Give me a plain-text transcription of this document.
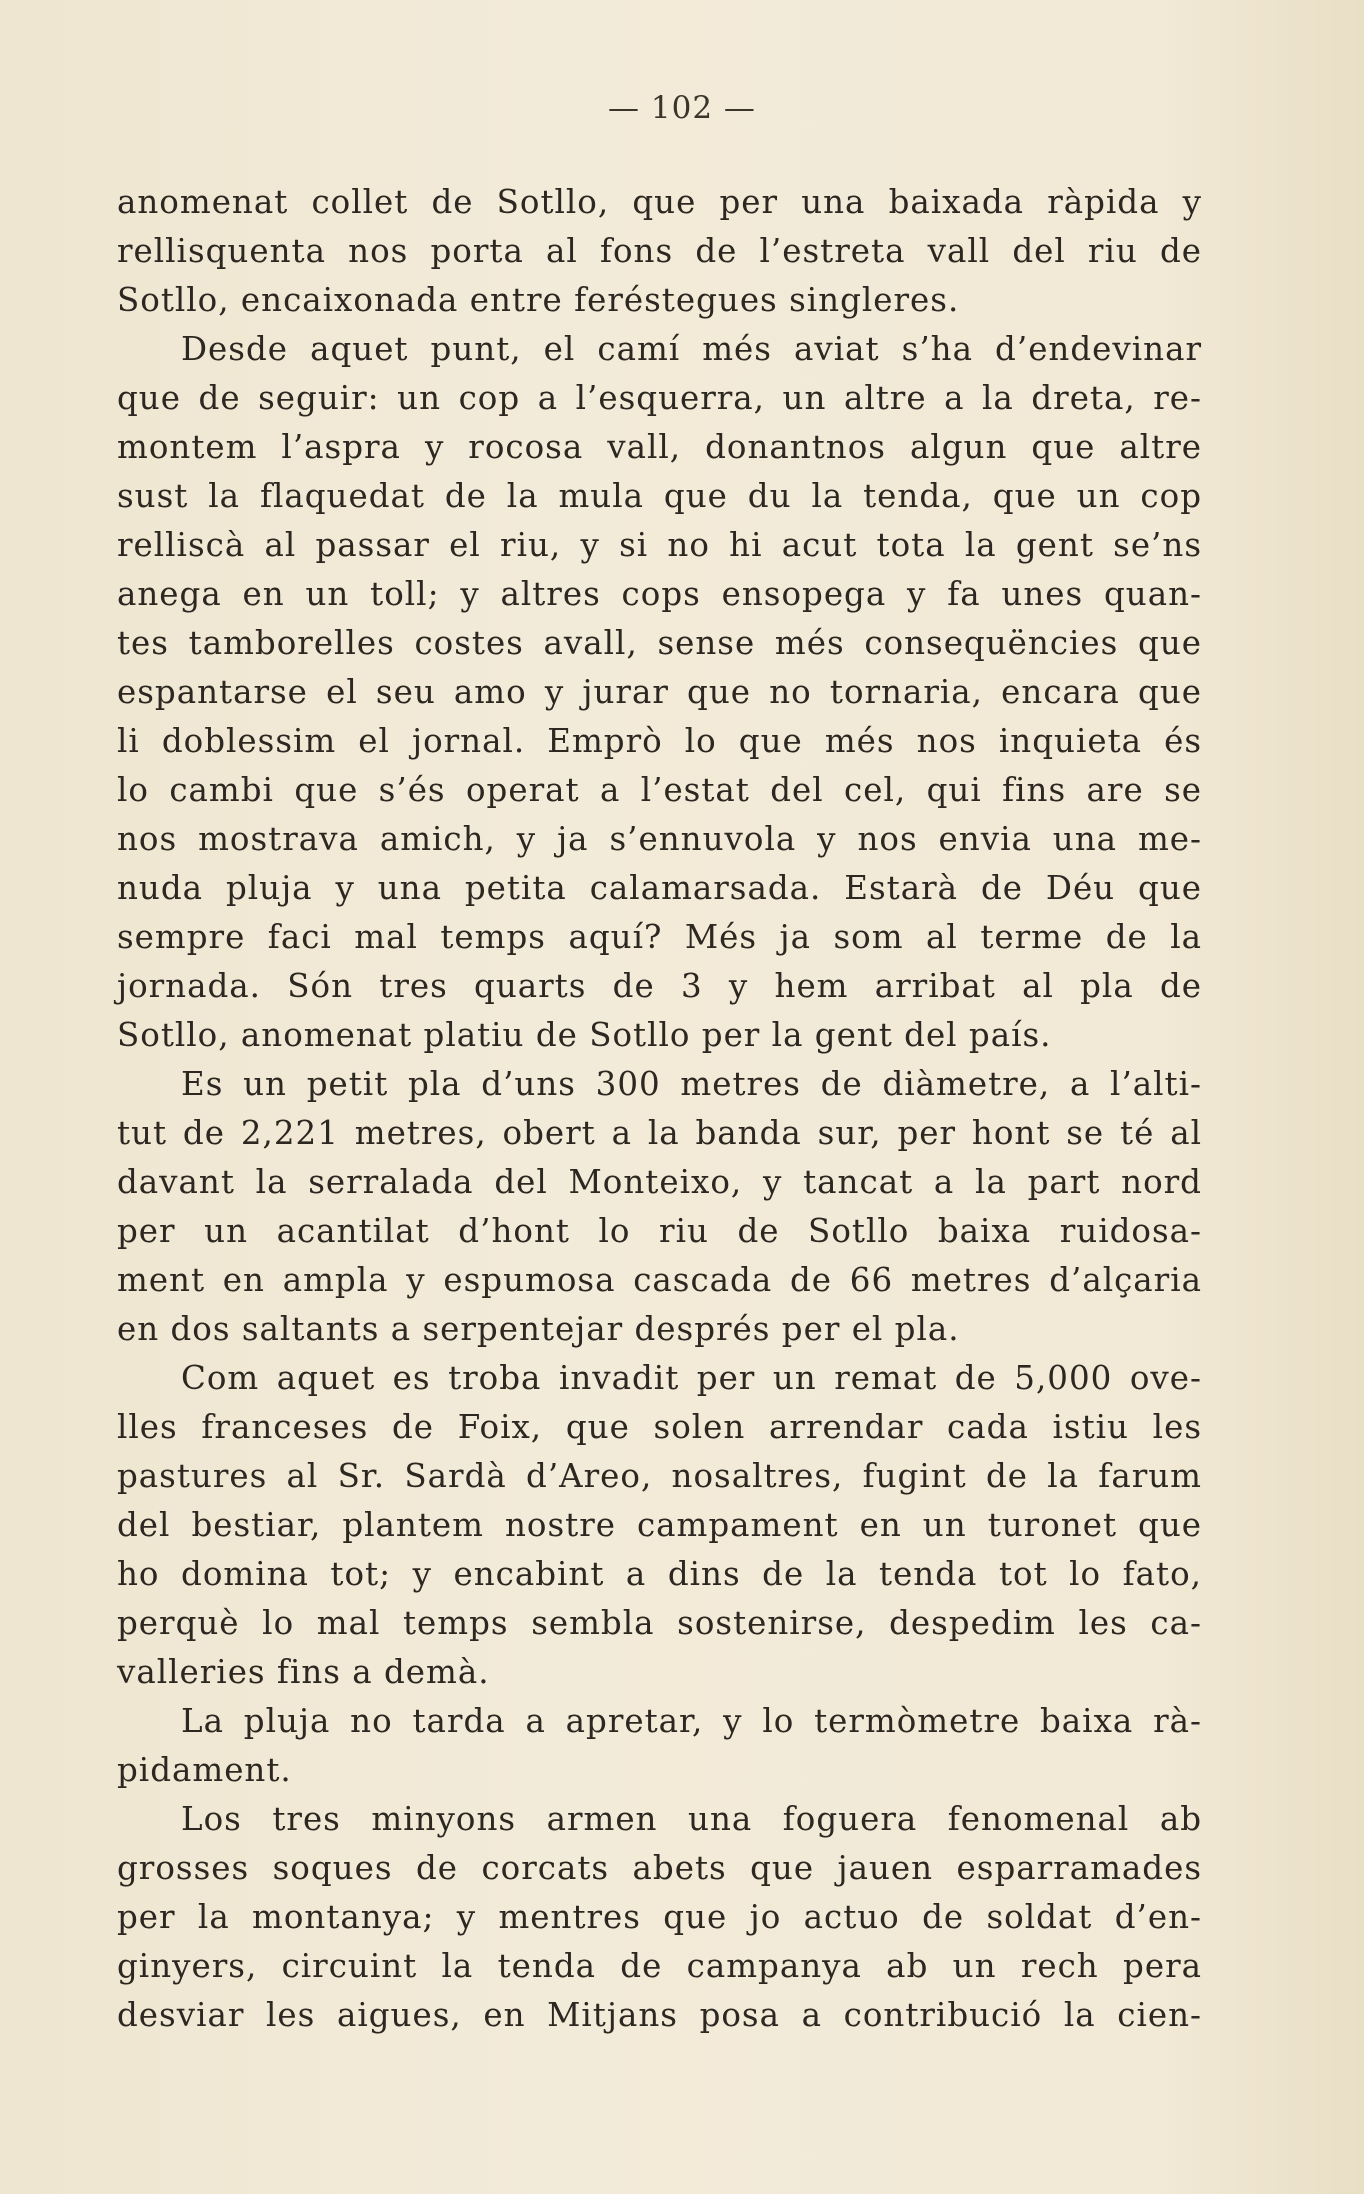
— 102 —
anomenat collet de Sotllo, que per una baixada ràpida y
rellisquenta nos porta al fons de l’estreta vall del riu de
Sotllo, encaixonada entre feréstegues singleres.
Desde aquet punt, el camí més aviat s’ha d’endevinar
que de seguir: un cop a l’esquerra, un altre a la dreta, re-
montem l’aspra y rocosa vall, donantnos algun que altre
sust la flaquedat de la mula que du la tenda, que un cop
relliscà al passar el riu, y si no hi acut tota la gent se’ns
anega en un toll; y altres cops ensopega y fa unes quan-
tes tamborelles costes avall, sense més consequëncies que
espantarse el seu amo y jurar que no tornaria, encara que
li doblessim el jornal. Emprò lo que més nos inquieta és
lo cambi que s’és operat a l’estat del cel, qui fins are se
nos mostrava amich, y ja s’ennuvola y nos envia una me-
nuda pluja y una petita calamarsada. Estarà de Déu que
sempre faci mal temps aquí? Més ja som al terme de la
jornada. Són tres quarts de 3 y hem arribat al pla de
Sotllo, anomenat platiu de Sotllo per la gent del país.
Es un petit pla d’uns 300 metres de diàmetre, a l’alti-
tut de 2,221 metres, obert a la banda sur, per hont se té al
davant la serralada del Monteixo, y tancat a la part nord
per un acantilat d’hont lo riu de Sotllo baixa ruidosa-
ment en ampla y espumosa cascada de 66 metres d’alçaria
en dos saltants a serpentejar després per el pla.
Com aquet es troba invadit per un remat de 5,000 ove-
lles franceses de Foix, que solen arrendar cada istiu les
pastures al Sr. Sardà d’Areo, nosaltres, fugint de la farum
del bestiar, plantem nostre campament en un turonet que
ho domina tot; y encabint a dins de la tenda tot lo fato,
perquè lo mal temps sembla sostenirse, despedim les ca-
valleries fins a demà.
La pluja no tarda a apretar, y lo termòmetre baixa rà-
pidament.
Los tres minyons armen una foguera fenomenal ab
grosses soques de corcats abets que jauen esparramades
per la montanya; y mentres que jo actuo de soldat d’en-
ginyers, circuint la tenda de campanya ab un rech pera
desviar les aigues, en Mitjans posa a contribució la cien-
